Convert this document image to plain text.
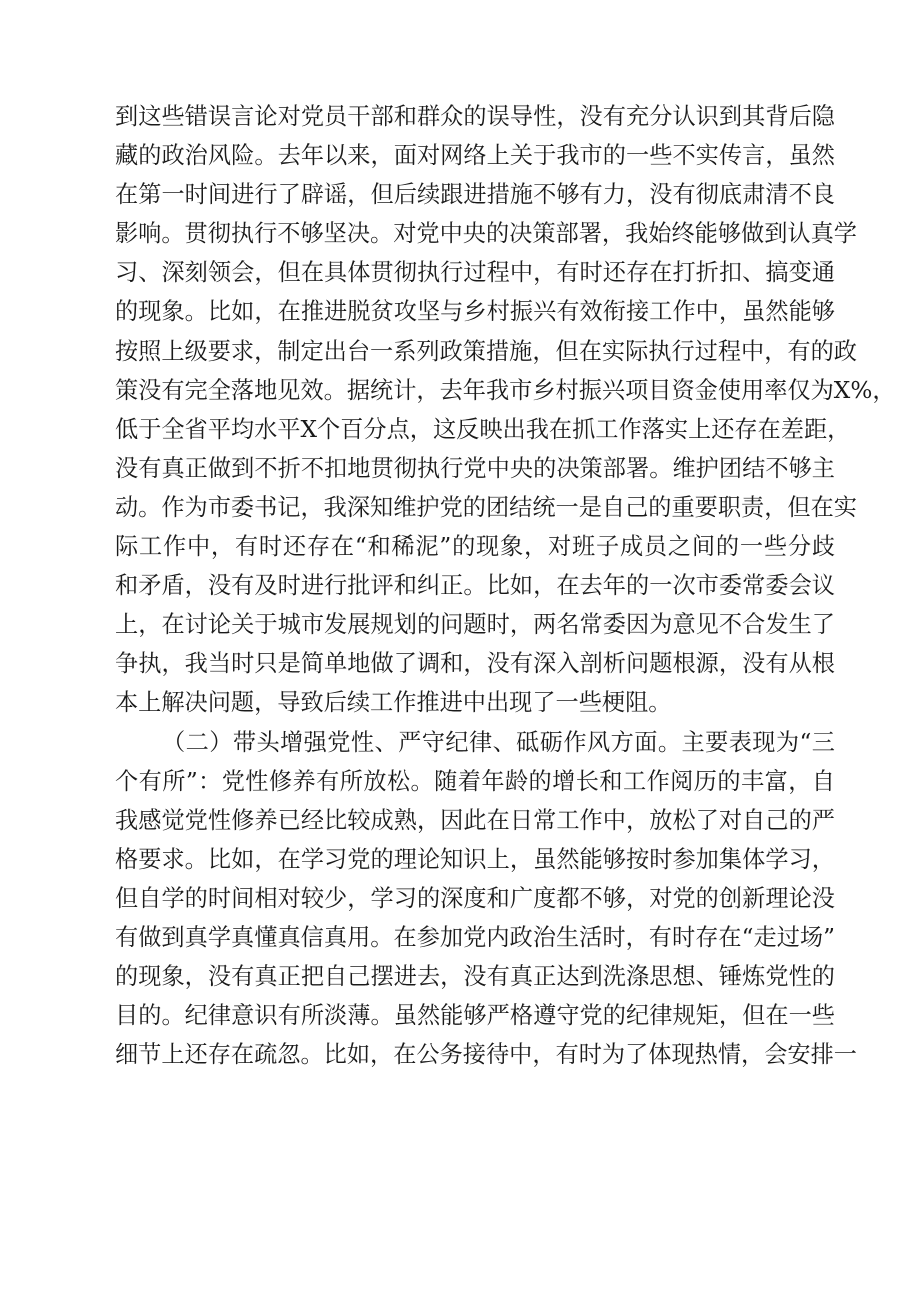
到这些错误言论对党员干部和群众的误导性，没有充分认识到其背后隐
藏的政治风险。去年以来，面对网络上关于我市的一些不实传言，虽然
在第一时间进行了辟谣，但后续跟进措施不够有力，没有彻底肃清不良
影响。贯彻执行不够坚决。对党中央的决策部署，我始终能够做到认真学
习、深刻领会，但在具体贯彻执行过程中，有时还存在打折扣、搞变通
的现象。比如，在推进脱贫攻坚与乡村振兴有效衔接工作中，虽然能够
按照上级要求，制定出台一系列政策措施，但在实际执行过程中，有的政
策没有完全落地见效。据统计，去年我市乡村振兴项目资金使用率仅为X%，
低于全省平均水平X个百分点，这反映出我在抓工作落实上还存在差距，
没有真正做到不折不扣地贯彻执行党中央的决策部署。维护团结不够主
动。作为市委书记，我深知维护党的团结统一是自己的重要职责，但在实
际工作中，有时还存在“和稀泥”的现象，对班子成员之间的一些分歧
和矛盾，没有及时进行批评和纠正。比如，在去年的一次市委常委会议
上，在讨论关于城市发展规划的问题时，两名常委因为意见不合发生了
争执，我当时只是简单地做了调和，没有深入剖析问题根源，没有从根
本上解决问题，导致后续工作推进中出现了一些梗阻。
（二）带头增强党性、严守纪律、砥砺作风方面。主要表现为“三
个有所”：党性修养有所放松。随着年龄的增长和工作阅历的丰富，自
我感觉党性修养已经比较成熟，因此在日常工作中，放松了对自己的严
格要求。比如，在学习党的理论知识上，虽然能够按时参加集体学习，
但自学的时间相对较少，学习的深度和广度都不够，对党的创新理论没
有做到真学真懂真信真用。在参加党内政治生活时，有时存在“走过场”
的现象，没有真正把自己摆进去，没有真正达到洗涤思想、锤炼党性的
目的。纪律意识有所淡薄。虽然能够严格遵守党的纪律规矩，但在一些
细节上还存在疏忽。比如，在公务接待中，有时为了体现热情，会安排一
